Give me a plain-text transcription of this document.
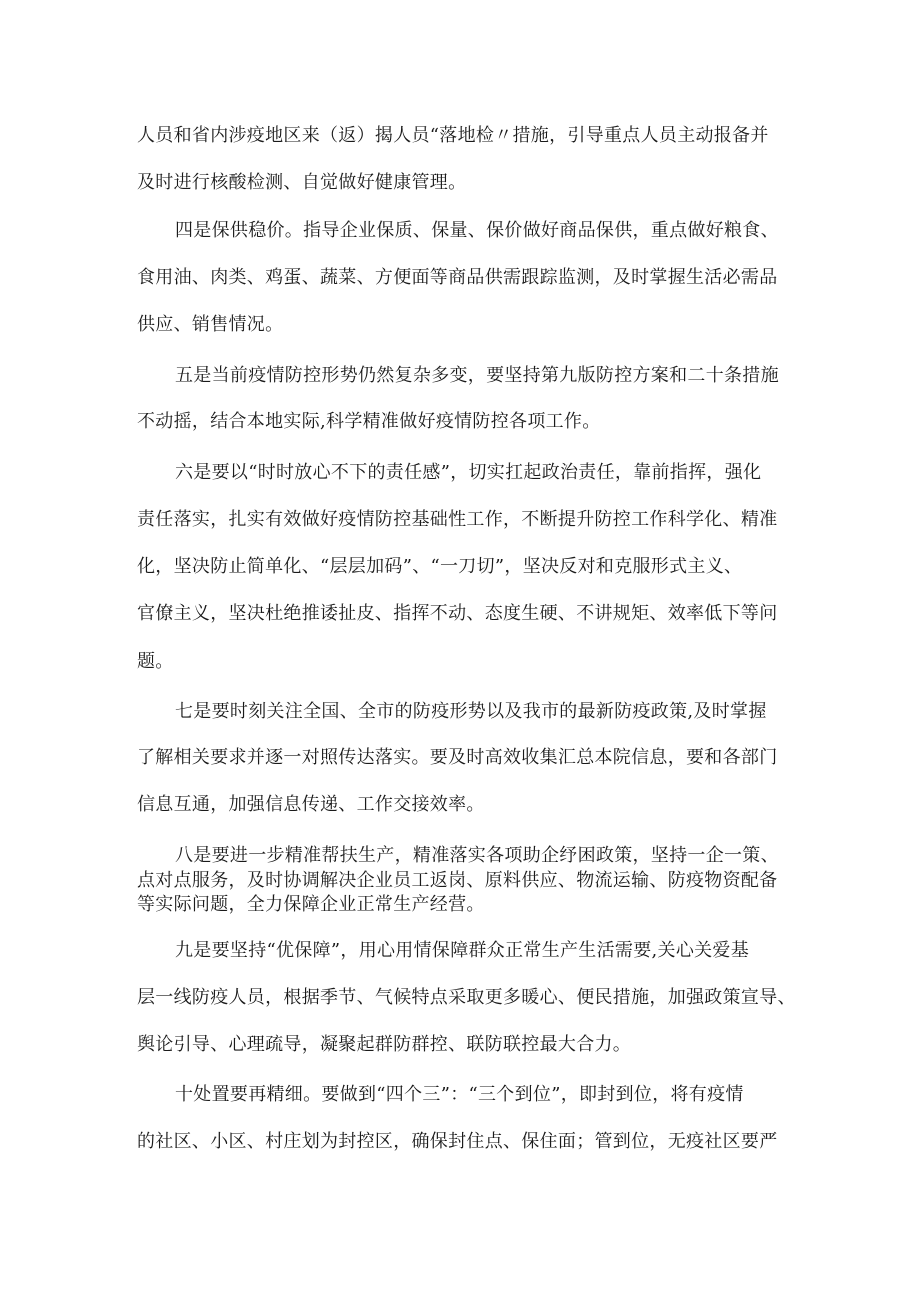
人员和省内涉疫地区来（返）揭人员“落地检〃措施，引导重点人员主动报备并
及时进行核酸检测、自觉做好健康管理。
四是保供稳价。指导企业保质、保量、保价做好商品保供，重点做好粮食、
食用油、肉类、鸡蛋、蔬菜、方便面等商品供需跟踪监测，及时掌握生活必需品
供应、销售情况。
五是当前疫情防控形势仍然复杂多变，要坚持第九版防控方案和二十条措施
不动摇，结合本地实际,科学精准做好疫情防控各项工作。
六是要以“时时放心不下的责任感”，切实扛起政治责任，靠前指挥，强化
责任落实，扎实有效做好疫情防控基础性工作，不断提升防控工作科学化、精准
化，坚决防止简单化、“层层加码”、“一刀切”，坚决反对和克服形式主义、
官僚主义，坚决杜绝推诿扯皮、指挥不动、态度生硬、不讲规矩、效率低下等问
题。
七是要时刻关注全国、全市的防疫形势以及我市的最新防疫政策,及时掌握
了解相关要求并逐一对照传达落实。要及时高效收集汇总本院信息，要和各部门
信息互通，加强信息传递、工作交接效率。
八是要进一步精准帮扶生产，精准落实各项助企纾困政策，坚持一企一策、
点对点服务，及时协调解决企业员工返岗、原料供应、物流运输、防疫物资配备
等实际问题，全力保障企业正常生产经营。
九是要坚持“优保障”，用心用情保障群众正常生产生活需要,关心关爱基
层一线防疫人员，根据季节、气候特点采取更多暖心、便民措施，加强政策宣导、
舆论引导、心理疏导，凝聚起群防群控、联防联控最大合力。
十处置要再精细。要做到“四个三”：“三个到位”，即封到位，将有疫情
的社区、小区、村庄划为封控区，确保封住点、保住面；管到位，无疫社区要严
